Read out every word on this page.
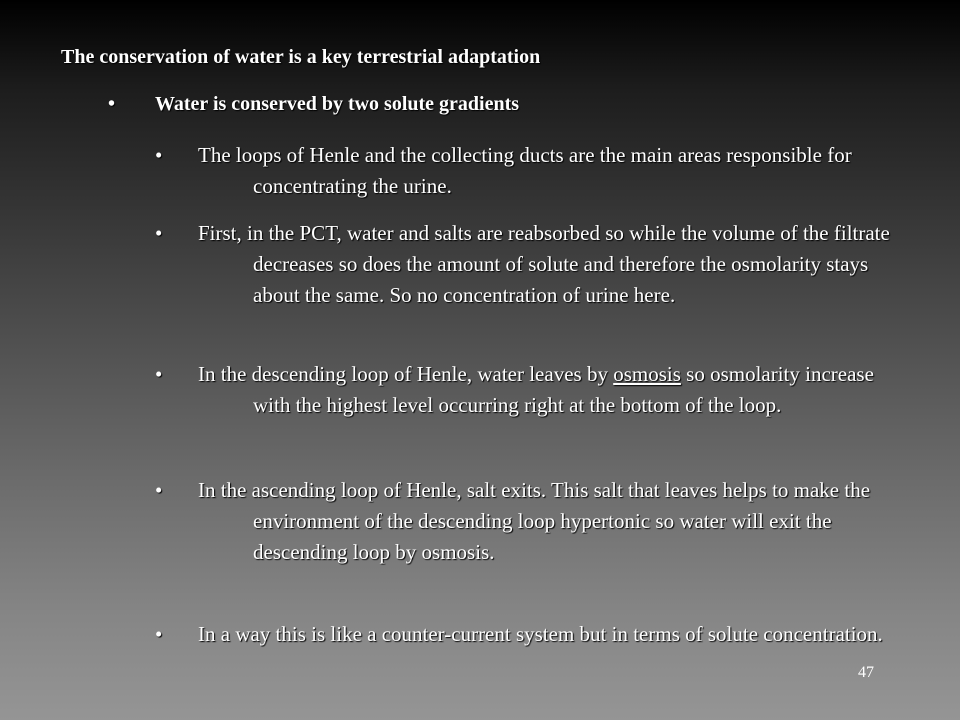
The conservation of water is a key terrestrial adaptation
•	Water is conserved by two solute gradients
•	The loops of Henle and the collecting ducts are the main areas responsible for concentrating the urine.
•	First, in the PCT, water and salts are reabsorbed so while the volume of the filtrate decreases so does the amount of solute and therefore the osmolarity stays about the same. So no concentration of urine here.
•	In the descending loop of Henle, water leaves by osmosis so osmolarity increase with the highest level occurring right at the bottom of the loop.
•	In the ascending loop of Henle, salt exits. This salt that leaves helps to make the environment of the descending loop hypertonic so water will exit the descending loop by osmosis.
•	In a way this is like a counter-current system but in terms of solute concentration.
47
